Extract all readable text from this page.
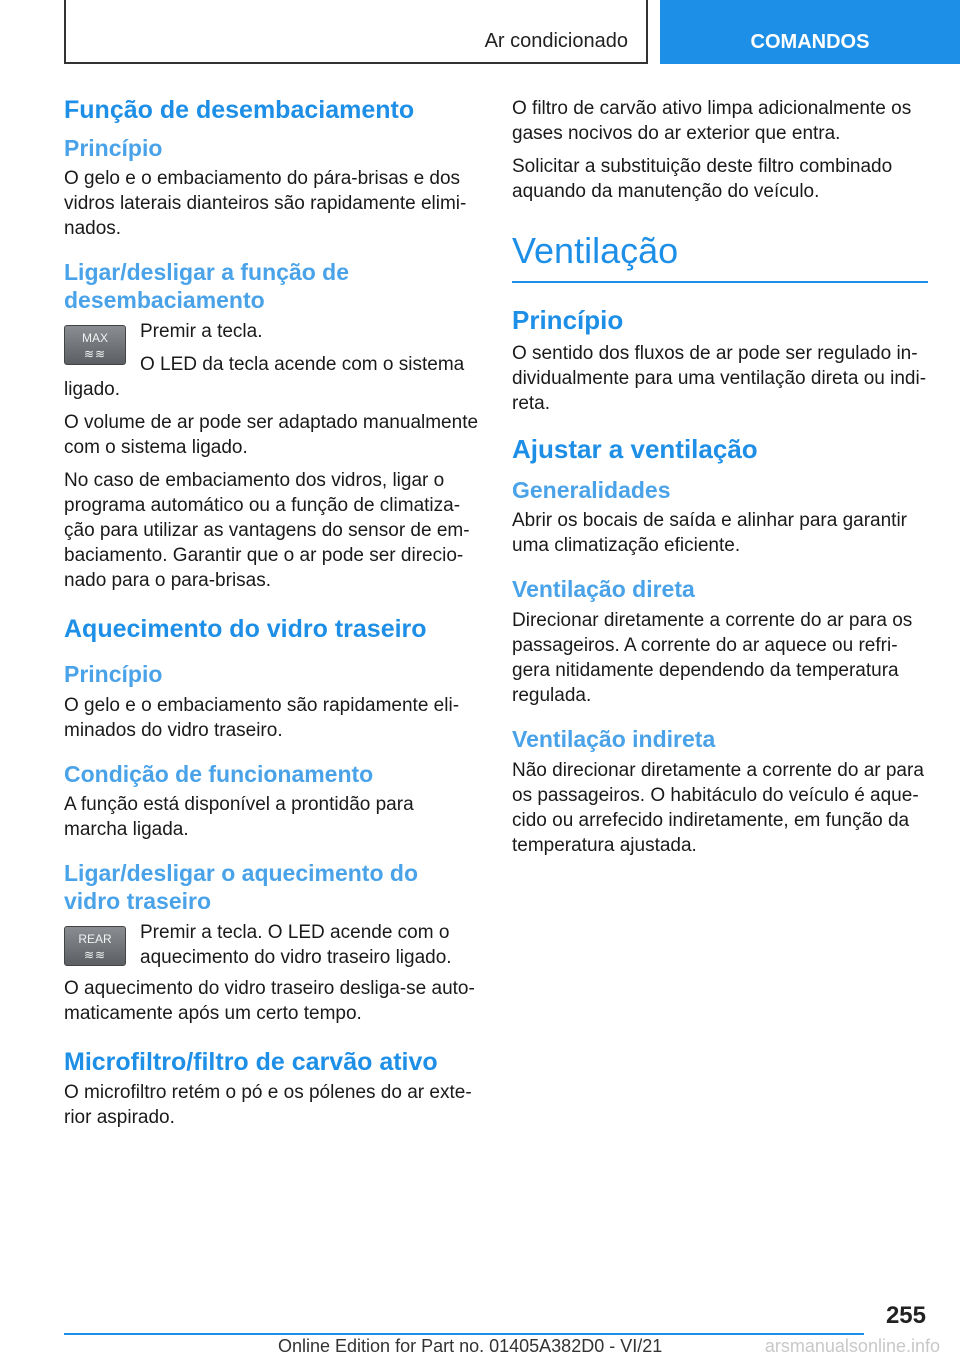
Ar condicionado	COMANDOS
Função de desembaciamento
Princípio

O gelo e o embaciamento do pára-brisas e dos vidros laterais dianteiros são rapidamente eliminados.

Ligar/desligar a função de desembaciamento
MAX
≋≋

Premir a tecla.

O LED da tecla acende com o sistema ligado.

O volume de ar pode ser adaptado manualmente com o sistema ligado.

No caso de embaciamento dos vidros, ligar o programa automático ou a função de climatização para utilizar as vantagens do sensor de embaciamento. Garantir que o ar pode ser direcionado para o para-brisas.

Aquecimento do vidro traseiro
Princípio

O gelo e o embaciamento são rapidamente eliminados do vidro traseiro.

Condição de funcionamento

A função está disponível a prontidão para marcha ligada.

Ligar/desligar o aquecimento do vidro traseiro
REAR
≋≋

Premir a tecla. O LED acende com o aquecimento do vidro traseiro ligado.

O aquecimento do vidro traseiro desliga-se automaticamente após um certo tempo.

Microfiltro/filtro de carvão ativo

O microfiltro retém o pó e os pólenes do ar exterior aspirado.

O filtro de carvão ativo limpa adicionalmente os gases nocivos do ar exterior que entra.

Solicitar a substituição deste filtro combinado aquando da manutenção do veículo.

Ventilação
Princípio

O sentido dos fluxos de ar pode ser regulado individualmente para uma ventilação direta ou indireta.

Ajustar a ventilação
Generalidades

Abrir os bocais de saída e alinhar para garantir uma climatização eficiente.

Ventilação direta

Direcionar diretamente a corrente do ar para os passageiros. A corrente do ar aquece ou refrigera nitidamente dependendo da temperatura regulada.

Ventilação indireta

Não direcionar diretamente a corrente do ar para os passageiros. O habitáculo do veículo é aquecido ou arrefecido indiretamente, em função da temperatura ajustada.

255
Online Edition for Part no. 01405A382D0 - VI/21	arsmanualsonline.info
